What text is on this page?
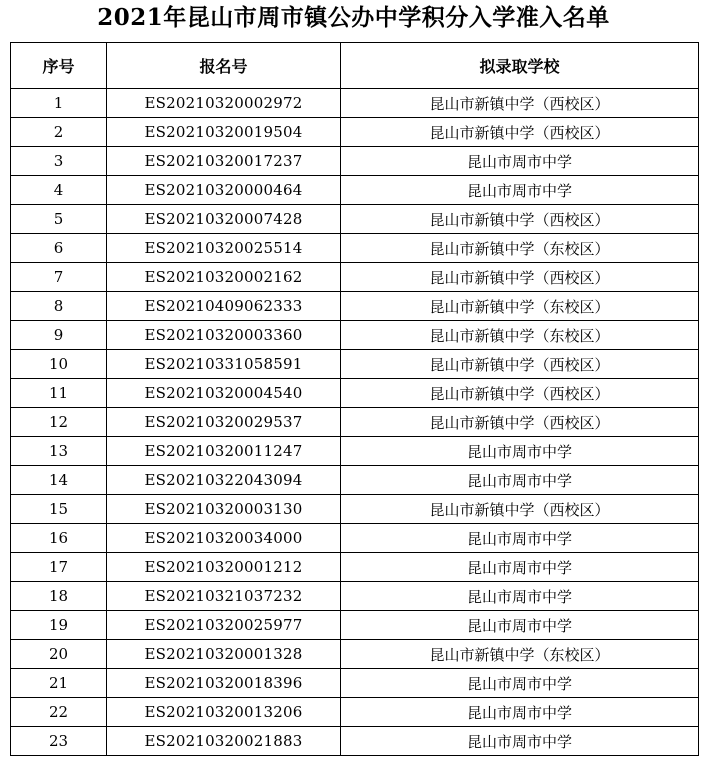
2021年昆山市周市镇公办中学积分入学准入名单
序号	报名号	拟录取学校
1	ES20210320002972	昆山市新镇中学（西校区）
2	ES20210320019504	昆山市新镇中学（西校区）
3	ES20210320017237	昆山市周市中学
4	ES20210320000464	昆山市周市中学
5	ES20210320007428	昆山市新镇中学（西校区）
6	ES20210320025514	昆山市新镇中学（东校区）
7	ES20210320002162	昆山市新镇中学（西校区）
8	ES20210409062333	昆山市新镇中学（东校区）
9	ES20210320003360	昆山市新镇中学（东校区）
10	ES20210331058591	昆山市新镇中学（西校区）
11	ES20210320004540	昆山市新镇中学（西校区）
12	ES20210320029537	昆山市新镇中学（西校区）
13	ES20210320011247	昆山市周市中学
14	ES20210322043094	昆山市周市中学
15	ES20210320003130	昆山市新镇中学（西校区）
16	ES20210320034000	昆山市周市中学
17	ES20210320001212	昆山市周市中学
18	ES20210321037232	昆山市周市中学
19	ES20210320025977	昆山市周市中学
20	ES20210320001328	昆山市新镇中学（东校区）
21	ES20210320018396	昆山市周市中学
22	ES20210320013206	昆山市周市中学
23	ES20210320021883	昆山市周市中学
